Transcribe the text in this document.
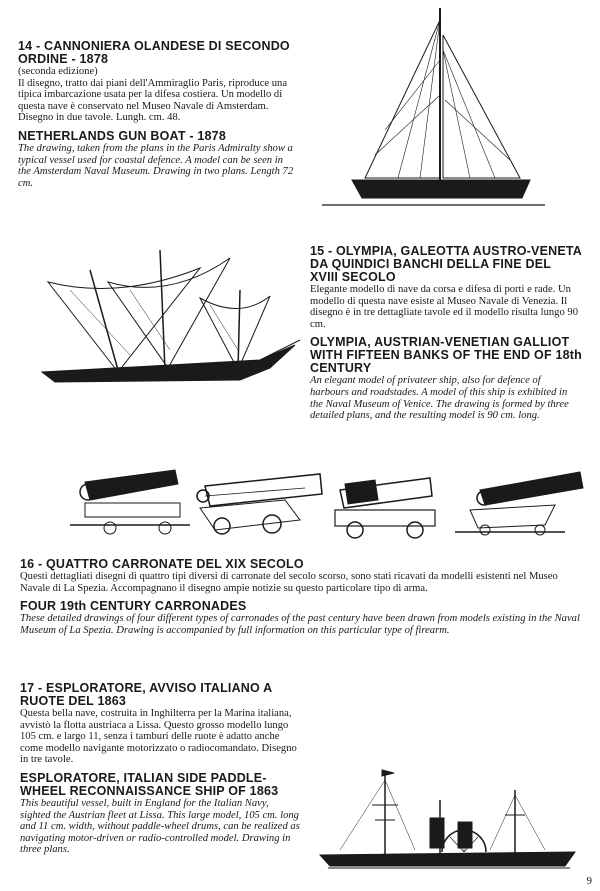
14 - CANNONIERA OLANDESE DI SECONDO ORDINE - 1878

(seconda edizione)

Il disegno, tratto dai piani dell'Ammiraglio Paris, riproduce una tipica imbarcazione usata per la difesa costiera. Un modello di questa nave è conservato nel Museo Navale di Amsterdam. Disegno in due tavole. Lungh. cm. 48.

NETHERLANDS GUN BOAT - 1878

The drawing, taken from the plans in the Paris Admiralty show a typical vessel used for coastal defence. A model can be seen in the Amsterdam Naval Museum. Drawing in two plans. Length 72 cm.

15 - OLYMPIA, GALEOTTA AUSTRO-VENETA DA QUINDICI BANCHI DELLA FINE DEL XVIII SECOLO

Elegante modello di nave da corsa e difesa di porti e rade. Un modello di questa nave esiste al Museo Navale di Venezia. Il disegno è in tre dettagliate tavole ed il modello risulta lungo 90 cm.

OLYMPIA, AUSTRIAN-VENETIAN GALLIOT WITH FIFTEEN BANKS OF THE END OF 18th CENTURY

An elegant model of privateer ship, also for defence of harbours and roadstades. A model of this ship is exhibited in the Naval Museum of Venice. The drawing is formed by three detailed plans, and the resulting model is 90 cm. long.

16 - QUATTRO CARRONATE DEL XIX SECOLO

Questi dettagliati disegni di quattro tipi diversi di carronate del secolo scorso, sono stati ricavati da modelli esistenti nel Museo Navale di La Spezia. Accompagnano il disegno ampie notizie su questo particolare tipo di arma.

FOUR 19th CENTURY CARRONADES

These detailed drawings of four different types of carronades of the past century have been drawn from models existing in the Naval Museum of La Spezia. Drawing is accompanied by full information on this particular type of firearm.

17 - ESPLORATORE, AVVISO ITALIANO A RUOTE DEL 1863

Questa bella nave, costruita in Inghilterra per la Marina italiana, avvistò la flotta austriaca a Lissa. Questo grosso modello lungo 105 cm. e largo 11, senza i tamburi delle ruote è adatto anche come modello navigante motorizzato o radiocomandato. Disegno in tre tavole.

ESPLORATORE, ITALIAN SIDE PADDLE-WHEEL RECONNAISSANCE SHIP OF 1863

This beautiful vessel, built in England for the Italian Navy, sighted the Austrian fleet at Lissa. This large model, 105 cm. long and 11 cm. width, without paddle-wheel drums, can be realized as navigating motor-driven or radio-controlled model. Drawing in three plans.

9
